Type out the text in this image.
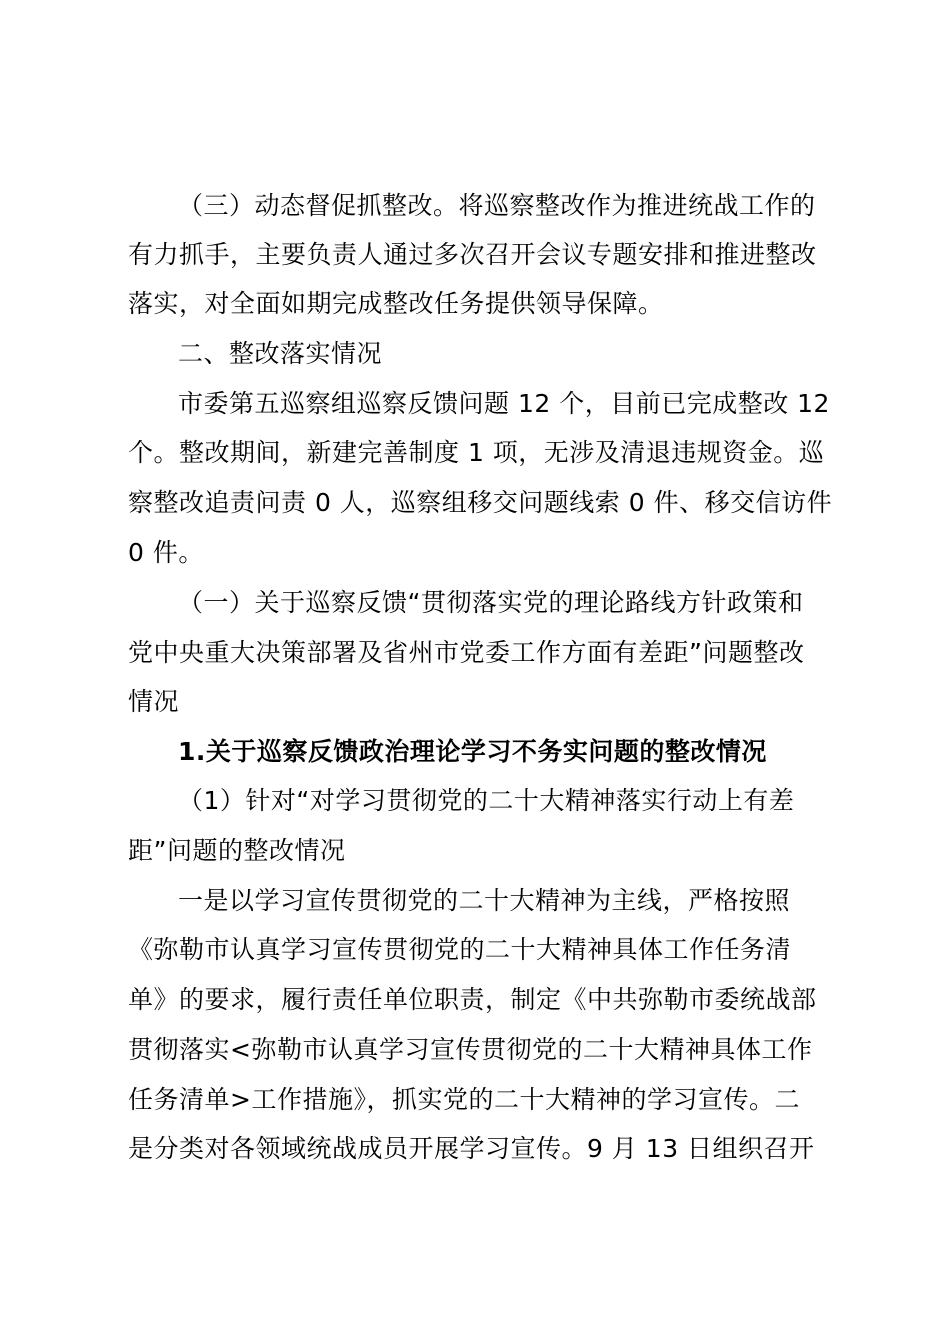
（三）动态督促抓整改。将巡察整改作为推进统战工作的
有力抓手，主要负责人通过多次召开会议专题安排和推进整改
落实，对全面如期完成整改任务提供领导保障。
二、整改落实情况
市委第五巡察组巡察反馈问题 12 个，目前已完成整改 12
个。整改期间，新建完善制度 1 项，无涉及清退违规资金。巡
察整改追责问责 0 人，巡察组移交问题线索 0 件、移交信访件
0 件。
（一）关于巡察反馈“贯彻落实党的理论路线方针政策和
党中央重大决策部署及省州市党委工作方面有差距”问题整改
情况
1.关于巡察反馈政治理论学习不务实问题的整改情况
（1）针对“对学习贯彻党的二十大精神落实行动上有差
距”问题的整改情况
一是以学习宣传贯彻党的二十大精神为主线，严格按照
《弥勒市认真学习宣传贯彻党的二十大精神具体工作任务清
单》的要求，履行责任单位职责，制定《中共弥勒市委统战部
贯彻落实<弥勒市认真学习宣传贯彻党的二十大精神具体工作
任务清单>工作措施》，抓实党的二十大精神的学习宣传。二
是分类对各领域统战成员开展学习宣传。9 月 13 日组织召开
